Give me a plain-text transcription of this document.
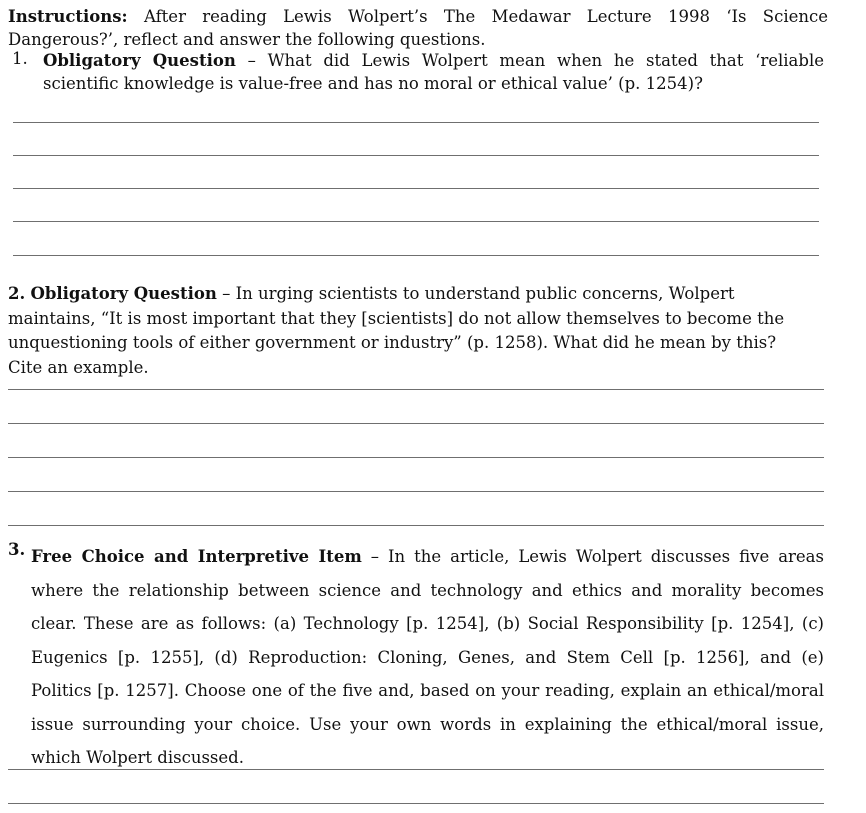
Instructions: After reading Lewis Wolpert’s The Medawar Lecture 1998 ‘Is Science Dangerous?’, reflect and answer the following questions.
1. Obligatory Question – What did Lewis Wolpert mean when he stated that ‘reliable scientific knowledge is value-free and has no moral or ethical value’ (p. 1254)?
2. Obligatory Question – In urging scientists to understand public concerns, Wolpert maintains, “It is most important that they [scientists] do not allow themselves to become the unquestioning tools of either government or industry” (p. 1258). What did he mean by this? Cite an example.
3. Free Choice and Interpretive Item – In the article, Lewis Wolpert discusses five areas where the relationship between science and technology and ethics and morality becomes clear. These are as follows: (a) Technology [p. 1254], (b) Social Responsibility [p. 1254], (c) Eugenics [p. 1255], (d) Reproduction: Cloning, Genes, and Stem Cell [p. 1256], and (e) Politics [p. 1257]. Choose one of the five and, based on your reading, explain an ethical/moral issue surrounding your choice. Use your own words in explaining the ethical/moral issue, which Wolpert discussed.
